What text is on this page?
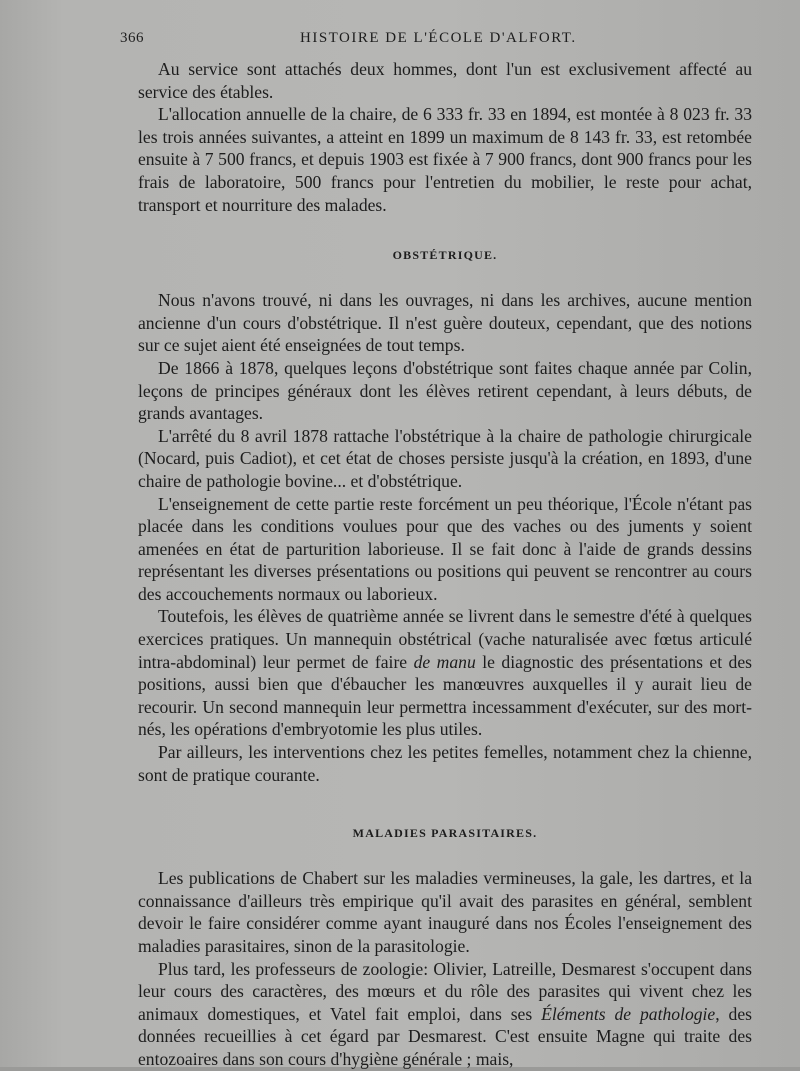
366	HISTOIRE DE L'ÉCOLE D'ALFORT.

Au service sont attachés deux hommes, dont l'un est exclusivement affecté au service des étables.

L'allocation annuelle de la chaire, de 6 333 fr. 33 en 1894, est montée à 8 023 fr. 33 les trois années suivantes, a atteint en 1899 un maximum de 8 143 fr. 33, est retombée ensuite à 7 500 francs, et depuis 1903 est fixée à 7 900 francs, dont 900 francs pour les frais de laboratoire, 500 francs pour l'entretien du mobilier, le reste pour achat, transport et nourriture des malades.

OBSTÉTRIQUE.

Nous n'avons trouvé, ni dans les ouvrages, ni dans les archives, aucune mention ancienne d'un cours d'obstétrique. Il n'est guère douteux, cependant, que des notions sur ce sujet aient été enseignées de tout temps.

De 1866 à 1878, quelques leçons d'obstétrique sont faites chaque année par Colin, leçons de principes généraux dont les élèves retirent cependant, à leurs débuts, de grands avantages.

L'arrêté du 8 avril 1878 rattache l'obstétrique à la chaire de pathologie chirurgicale (Nocard, puis Cadiot), et cet état de choses persiste jusqu'à la création, en 1893, d'une chaire de pathologie bovine... et d'obstétrique.

L'enseignement de cette partie reste forcément un peu théorique, l'École n'étant pas placée dans les conditions voulues pour que des vaches ou des juments y soient amenées en état de parturition laborieuse. Il se fait donc à l'aide de grands dessins représentant les diverses présentations ou positions qui peuvent se rencontrer au cours des accouchements normaux ou laborieux.

Toutefois, les élèves de quatrième année se livrent dans le semestre d'été à quelques exercices pratiques. Un mannequin obstétrical (vache naturalisée avec fœtus articulé intra-abdominal) leur permet de faire de manu le diagnostic des présentations et des positions, aussi bien que d'ébaucher les manœuvres auxquelles il y aurait lieu de recourir. Un second mannequin leur permettra incessamment d'exécuter, sur des mort-nés, les opérations d'embryotomie les plus utiles.

Par ailleurs, les interventions chez les petites femelles, notamment chez la chienne, sont de pratique courante.

MALADIES PARASITAIRES.

Les publications de Chabert sur les maladies vermineuses, la gale, les dartres, et la connaissance d'ailleurs très empirique qu'il avait des parasites en général, semblent devoir le faire considérer comme ayant inauguré dans nos Écoles l'enseignement des maladies parasitaires, sinon de la parasitologie.

Plus tard, les professeurs de zoologie: Olivier, Latreille, Desmarest s'occupent dans leur cours des caractères, des mœurs et du rôle des parasites qui vivent chez les animaux domestiques, et Vatel fait emploi, dans ses Éléments de pathologie, des données recueillies à cet égard par Desmarest. C'est ensuite Magne qui traite des entozoaires dans son cours d'hygiène générale ; mais,
